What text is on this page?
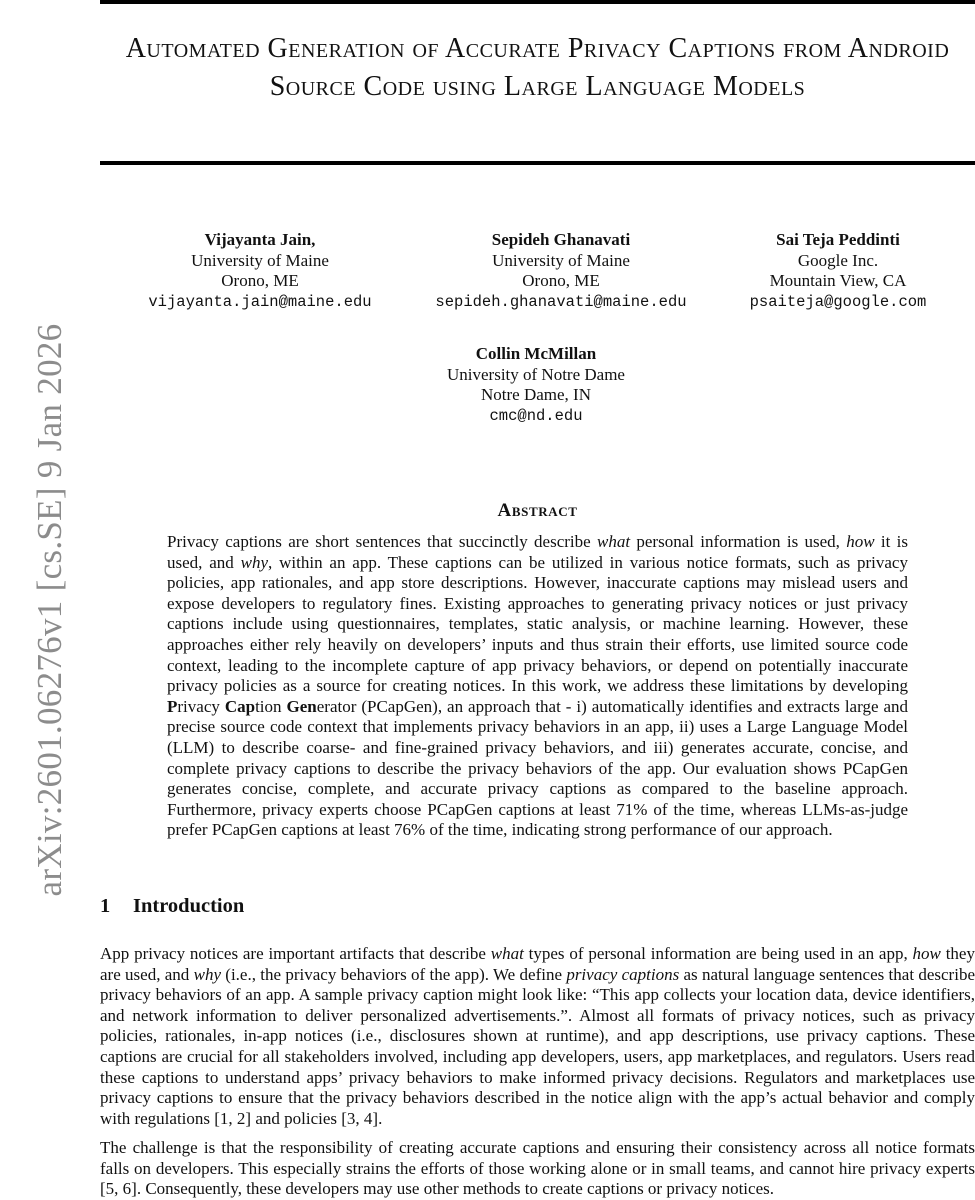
arXiv:2601.06276v1 [cs.SE] 9 Jan 2026
Automated Generation of Accurate Privacy Captions from Android Source Code using Large Language Models
Vijayanta Jain,
University of Maine
Orono, ME
vijayanta.jain@maine.edu
Sepideh Ghanavati
University of Maine
Orono, ME
sepideh.ghanavati@maine.edu
Sai Teja Peddinti
Google Inc.
Mountain View, CA
psaiteja@google.com
Collin McMillan
University of Notre Dame
Notre Dame, IN
cmc@nd.edu
Abstract

Privacy captions are short sentences that succinctly describe what personal information is used, how it is used, and why, within an app. These captions can be utilized in various notice formats, such as privacy policies, app rationales, and app store descriptions. However, inaccurate captions may mislead users and expose developers to regulatory fines. Existing approaches to generating privacy notices or just privacy captions include using questionnaires, templates, static analysis, or machine learning. However, these approaches either rely heavily on developers’ inputs and thus strain their efforts, use limited source code context, leading to the incomplete capture of app privacy behaviors, or depend on potentially inaccurate privacy policies as a source for creating notices. In this work, we address these limitations by developing Privacy Caption Generator (PCapGen), an approach that - i) automatically identifies and extracts large and precise source code context that implements privacy behaviors in an app, ii) uses a Large Language Model (LLM) to describe coarse- and fine-grained privacy behaviors, and iii) generates accurate, concise, and complete privacy captions to describe the privacy behaviors of the app. Our evaluation shows PCapGen generates concise, complete, and accurate privacy captions as compared to the baseline approach. Furthermore, privacy experts choose PCapGen captions at least 71% of the time, whereas LLMs-as-judge prefer PCapGen captions at least 76% of the time, indicating strong performance of our approach.

1 Introduction

App privacy notices are important artifacts that describe what types of personal information are being used in an app, how they are used, and why (i.e., the privacy behaviors of the app). We define privacy captions as natural language sentences that describe privacy behaviors of an app. A sample privacy caption might look like: “This app collects your location data, device identifiers, and network information to deliver personalized advertisements.”. Almost all formats of privacy notices, such as privacy policies, rationales, in-app notices (i.e., disclosures shown at runtime), and app descriptions, use privacy captions. These captions are crucial for all stakeholders involved, including app developers, users, app marketplaces, and regulators. Users read these captions to understand apps’ privacy behaviors to make informed privacy decisions. Regulators and marketplaces use privacy captions to ensure that the privacy behaviors described in the notice align with the app’s actual behavior and comply with regulations [1, 2] and policies [3, 4].

The challenge is that the responsibility of creating accurate captions and ensuring their consistency across all notice formats falls on developers. This especially strains the efforts of those working alone or in small teams, and cannot hire privacy experts [5, 6]. Consequently, these developers may use other methods to create captions or privacy notices.
